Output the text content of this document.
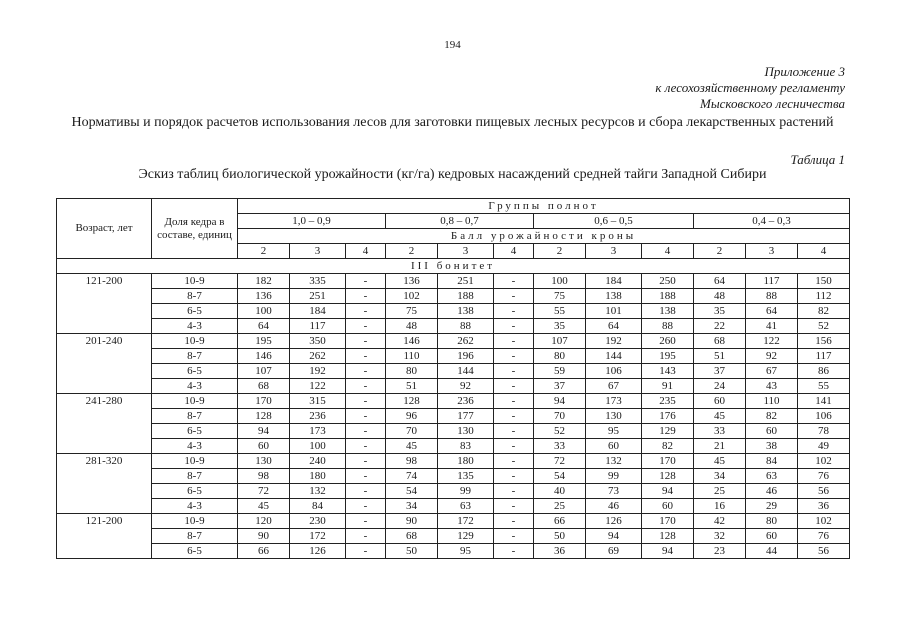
194
Приложение 3
к лесохозяйственному регламенту
Мысковского лесничества
Нормативы и порядок расчетов использования лесов для заготовки пищевых лесных ресурсов и сбора лекарственных растений
Таблица 1
Эскиз таблиц биологической урожайности (кг/га) кедровых насаждений средней тайги Западной Сибири
Возраст, лет	Доля кедра в составе, единиц	Группы полнот											
		1,0 – 0,9			0,8 – 0,7			0,6 – 0,5			0,4 – 0,3		
		Балл урожайности кроны											
		2	3	4	2	3	4	2	3	4	2	3	4
III бонитет													
121-200	10-9	182	335	-	136	251	-	100	184	250	64	117	150
	8-7	136	251	-	102	188	-	75	138	188	48	88	112
	6-5	100	184	-	75	138	-	55	101	138	35	64	82
	4-3	64	117	-	48	88	-	35	64	88	22	41	52
201-240	10-9	195	350	-	146	262	-	107	192	260	68	122	156
	8-7	146	262	-	110	196	-	80	144	195	51	92	117
	6-5	107	192	-	80	144	-	59	106	143	37	67	86
	4-3	68	122	-	51	92	-	37	67	91	24	43	55
241-280	10-9	170	315	-	128	236	-	94	173	235	60	110	141
	8-7	128	236	-	96	177	-	70	130	176	45	82	106
	6-5	94	173	-	70	130	-	52	95	129	33	60	78
	4-3	60	100	-	45	83	-	33	60	82	21	38	49
281-320	10-9	130	240	-	98	180	-	72	132	170	45	84	102
	8-7	98	180	-	74	135	-	54	99	128	34	63	76
	6-5	72	132	-	54	99	-	40	73	94	25	46	56
	4-3	45	84	-	34	63	-	25	46	60	16	29	36
121-200	10-9	120	230	-	90	172	-	66	126	170	42	80	102
	8-7	90	172	-	68	129	-	50	94	128	32	60	76
	6-5	66	126	-	50	95	-	36	69	94	23	44	56
